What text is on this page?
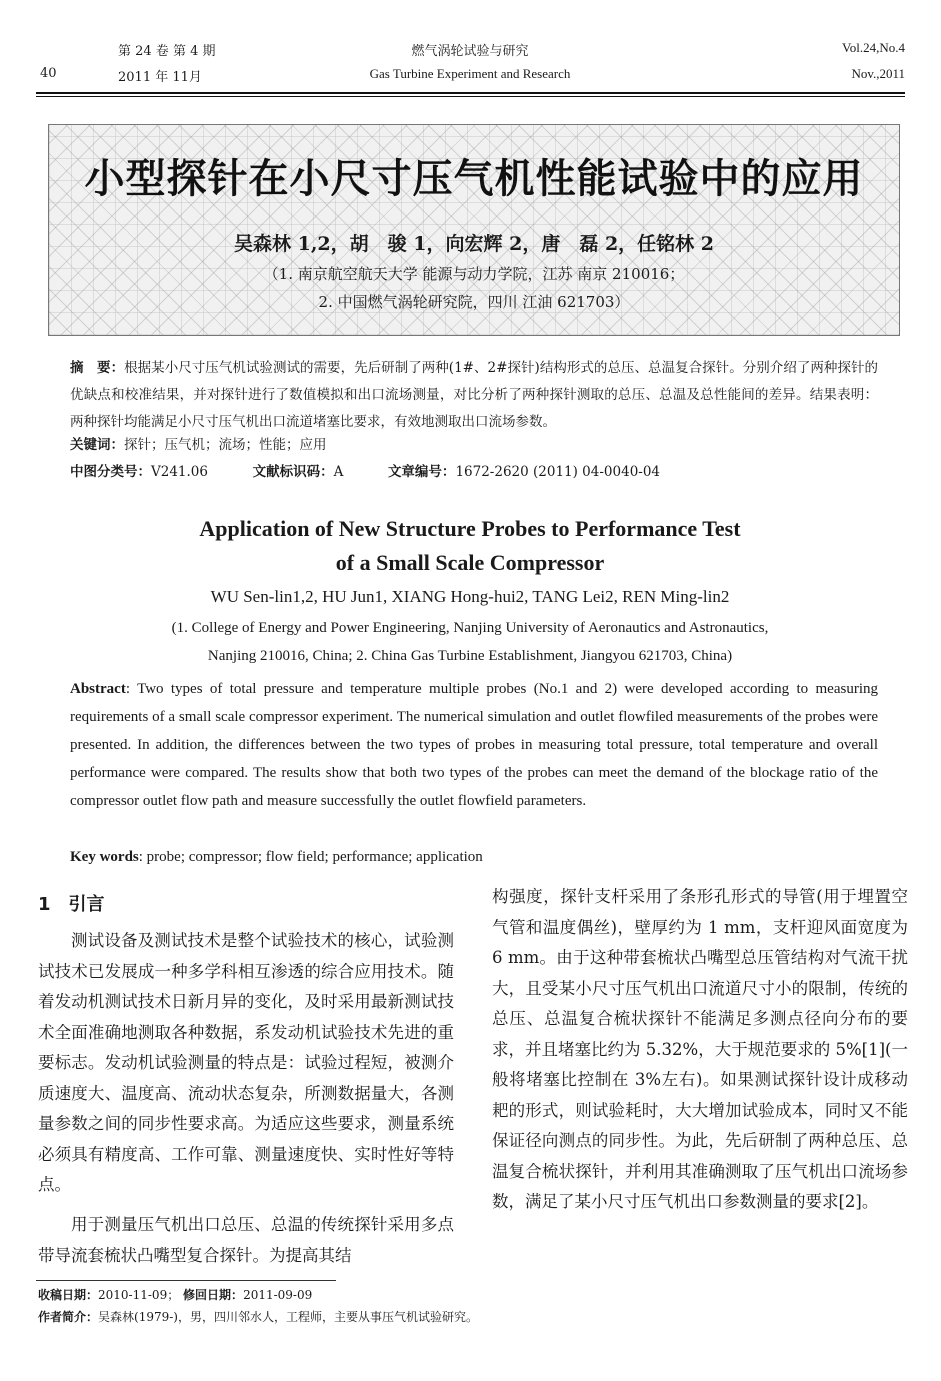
40
第 24 卷 第 4 期
2011 年 11月
燃气涡轮试验与研究
Gas Turbine Experiment and Research
Vol.24,No.4
Nov.,2011
小型探针在小尺寸压气机性能试验中的应用
吴森林 1,2，胡　骏 1，向宏辉 2，唐　磊 2，任铭林 2
（1. 南京航空航天大学 能源与动力学院，江苏 南京 210016；
2. 中国燃气涡轮研究院，四川 江油 621703）
摘　要：根据某小尺寸压气机试验测试的需要，先后研制了两种(1#、2#探针)结构形式的总压、总温复合探针。分别介绍了两种探针的优缺点和校准结果，并对探针进行了数值模拟和出口流场测量，对比分析了两种探针测取的总压、总温及总性能间的差异。结果表明：两种探针均能满足小尺寸压气机出口流道堵塞比要求，有效地测取出口流场参数。
关键词：探针；压气机；流场；性能；应用
中图分类号：V241.06	文献标识码：A	文章编号：1672-2620 (2011) 04-0040-04
Application of New Structure Probes to Performance Test
of a Small Scale Compressor
WU Sen-lin1,2, HU Jun1, XIANG Hong-hui2, TANG Lei2, REN Ming-lin2
(1. College of Energy and Power Engineering, Nanjing University of Aeronautics and Astronautics,
Nanjing 210016, China; 2. China Gas Turbine Establishment, Jiangyou 621703, China)
Abstract: Two types of total pressure and temperature multiple probes (No.1 and 2) were developed according to measuring requirements of a small scale compressor experiment. The numerical simulation and outlet flowfiled measurements of the probes were presented. In addition, the differences between the two types of probes in measuring total pressure, total temperature and overall performance were compared. The results show that both two types of the probes can meet the demand of the blockage ratio of the compressor outlet flow path and measure successfully the outlet flowfield parameters.
Key words: probe; compressor; flow field; performance; application
1　引言
测试设备及测试技术是整个试验技术的核心，试验测试技术已发展成一种多学科相互渗透的综合应用技术。随着发动机测试技术日新月异的变化，及时采用最新测试技术全面准确地测取各种数据，系发动机试验技术先进的重要标志。发动机试验测量的特点是：试验过程短，被测介质速度大、温度高、流动状态复杂，所测数据量大，各测量参数之间的同步性要求高。为适应这些要求，测量系统必须具有精度高、工作可靠、测量速度快、实时性好等特点。
用于测量压气机出口总压、总温的传统探针采用多点带导流套梳状凸嘴型复合探针。为提高其结
构强度，探针支杆采用了条形孔形式的导管(用于埋置空气管和温度偶丝)，壁厚约为 1 mm，支杆迎风面宽度为 6 mm。由于这种带套梳状凸嘴型总压管结构对气流干扰大，且受某小尺寸压气机出口流道尺寸小的限制，传统的总压、总温复合梳状探针不能满足多测点径向分布的要求，并且堵塞比约为 5.32%，大于规范要求的 5%[1](一般将堵塞比控制在 3%左右)。如果测试探针设计成移动耙的形式，则试验耗时，大大增加试验成本，同时又不能保证径向测点的同步性。为此，先后研制了两种总压、总温复合梳状探针，并利用其准确测取了压气机出口流场参数，满足了某小尺寸压气机出口参数测量的要求[2]。
收稿日期：2010-11-09； 修回日期：2011-09-09
作者简介：吴森林(1979-)，男，四川邻水人，工程师，主要从事压气机试验研究。
